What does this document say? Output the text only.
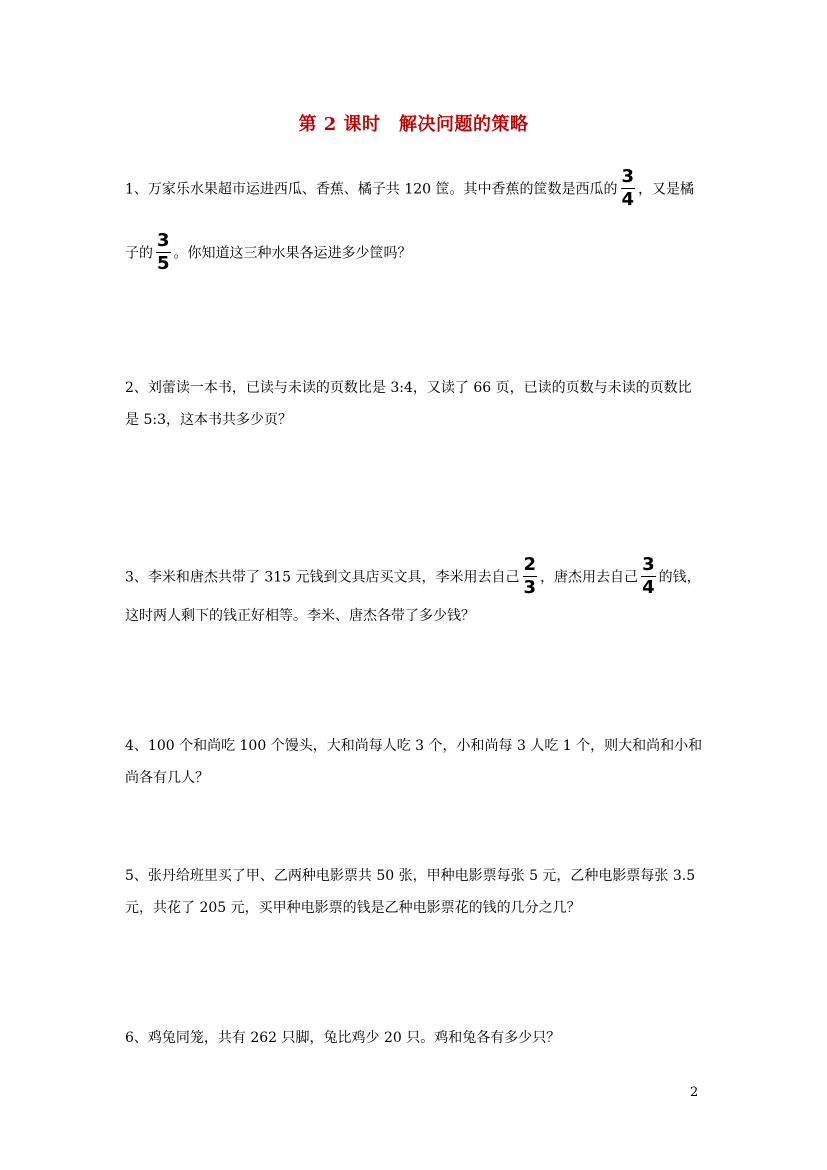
第 2 课时　解决问题的策略
1、万家乐水果超市运进西瓜、香蕉、橘子共 120 筐。其中香蕉的筐数是西瓜的 $\frac{3}{4}$ ，又是橘
子的 $\frac{3}{5}$ 。你知道这三种水果各运进多少筐吗？
2、刘蕾读一本书，已读与未读的页数比是 3:4，又读了 66 页，已读的页数与未读的页数比
是 5:3，这本书共多少页？
3、李米和唐杰共带了 315 元钱到文具店买文具，李米用去自己 $\frac{2}{3}$ ，唐杰用去自己 $\frac{3}{4}$ 的钱，
这时两人剩下的钱正好相等。李米、唐杰各带了多少钱？
4、100 个和尚吃 100 个馒头，大和尚每人吃 3 个，小和尚每 3 人吃 1 个，则大和尚和小和
尚各有几人？
5、张丹给班里买了甲、乙两种电影票共 50 张，甲种电影票每张 5 元，乙种电影票每张 3.5
元，共花了 205 元，买甲种电影票的钱是乙种电影票花的钱的几分之几？
6、鸡兔同笼，共有 262 只脚，兔比鸡少 20 只。鸡和兔各有多少只？
2
